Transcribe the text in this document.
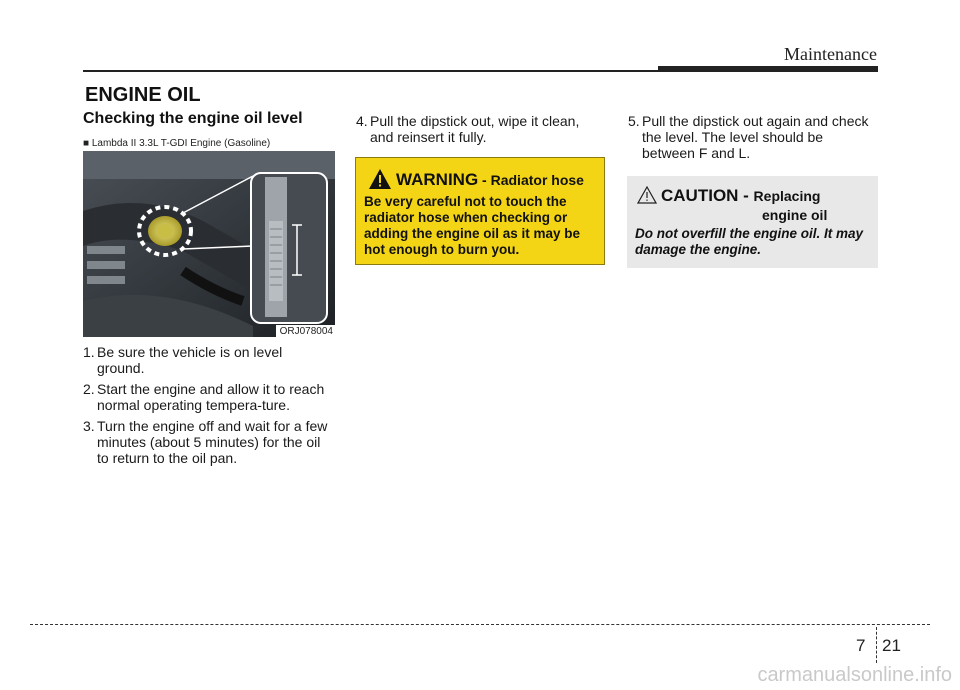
Maintenance
ENGINE OIL
Checking the engine oil level
■ Lambda II 3.3L T-GDI Engine (Gasoline)
ORJ078004
1. Be sure the vehicle is on level ground.
2. Start the engine and allow it to reach normal operating tempera-ture.
3. Turn the engine off and wait for a few minutes (about 5 minutes) for the oil to return to the oil pan.
4. Pull the dipstick out, wipe it clean, and reinsert it fully.
WARNING - Radiator hose
Be very careful not to touch the radiator hose when checking or adding the engine oil as it may be hot enough to burn you.
5. Pull the dipstick out again and check the level. The level should be between F and L.
CAUTION - Replacing
engine oil
Do not overfill the engine oil. It may damage the engine.
7 21
carmanualsonline.info
